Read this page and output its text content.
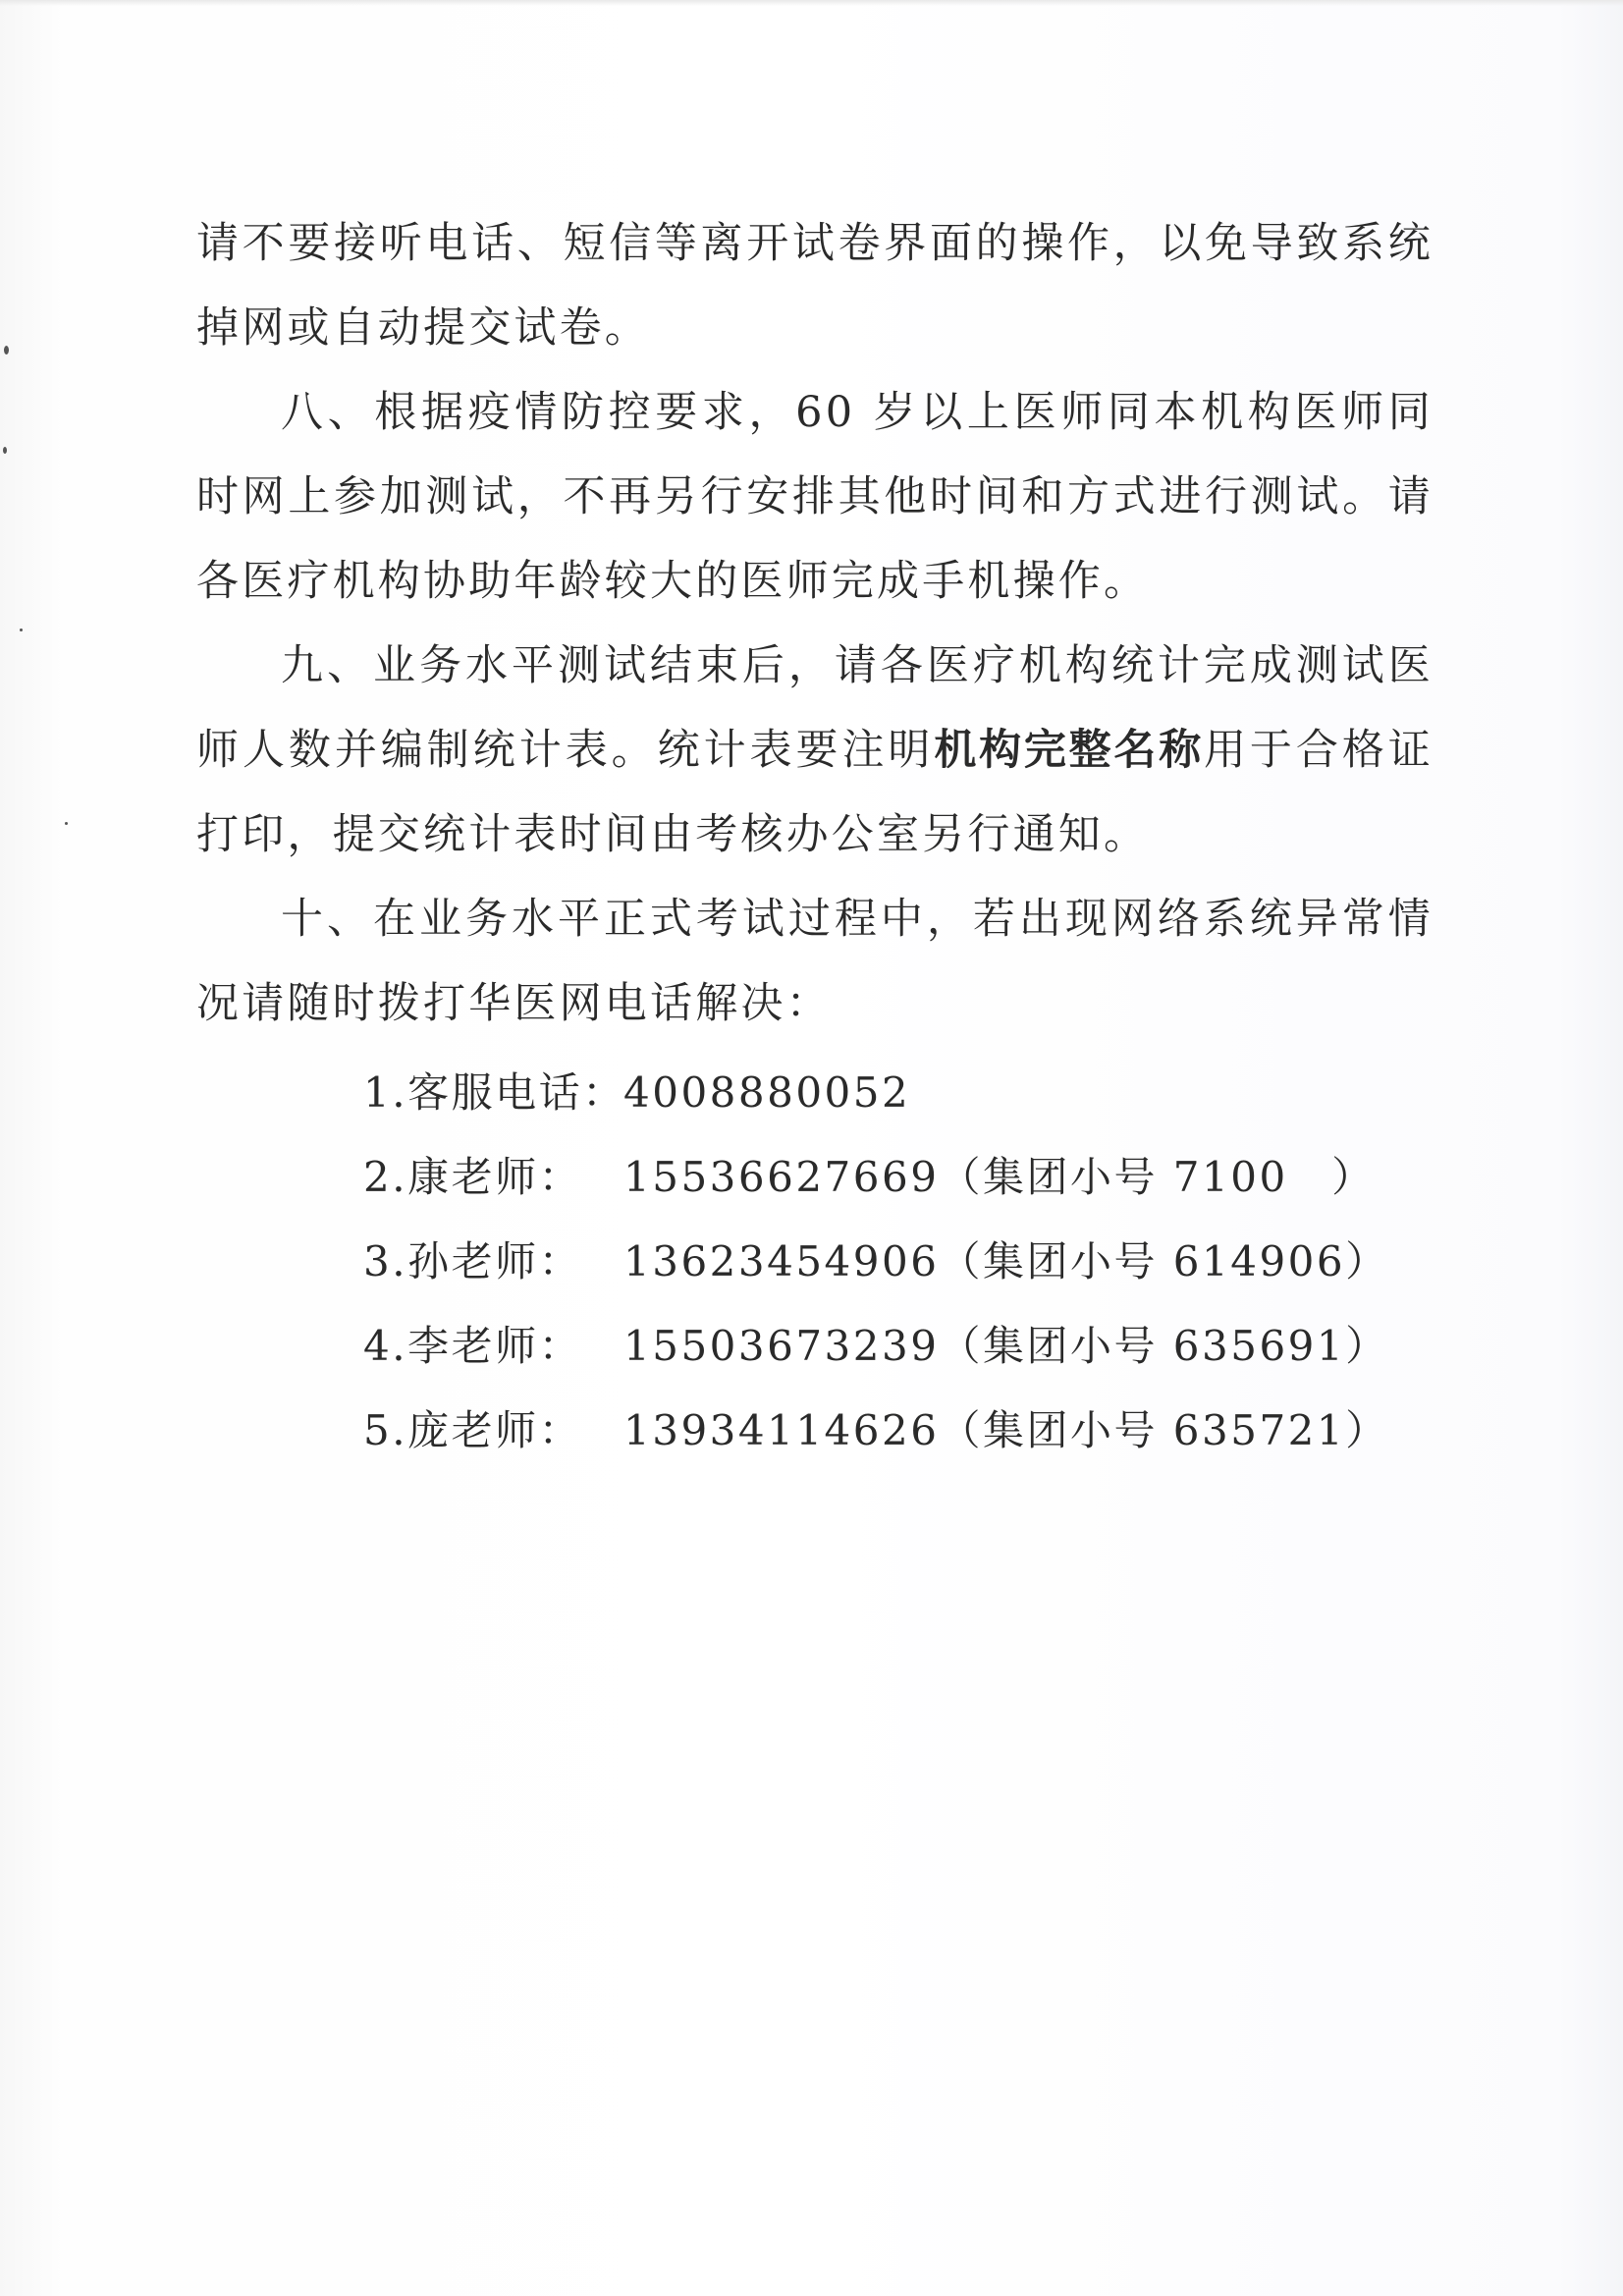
请不要接听电话、短信等离开试卷界面的操作，以免导致系统掉网或自动提交试卷。

八、根据疫情防控要求，60 岁以上医师同本机构医师同时网上参加测试，不再另行安排其他时间和方式进行测试。请各医疗机构协助年龄较大的医师完成手机操作。

九、业务水平测试结束后，请各医疗机构统计完成测试医师人数并编制统计表。统计表要注明机构完整名称用于合格证打印，提交统计表时间由考核办公室另行通知。

十、在业务水平正式考试过程中，若出现网络系统异常情况请随时拨打华医网电话解决：

1.客服电话：
4008880052
2.康老师： 15536627669（集团小号 7100　）
3.孙老师： 13623454906（集团小号 614906）
4.李老师： 15503673239（集团小号 635691）
5.庞老师： 13934114626（集团小号 635721）
